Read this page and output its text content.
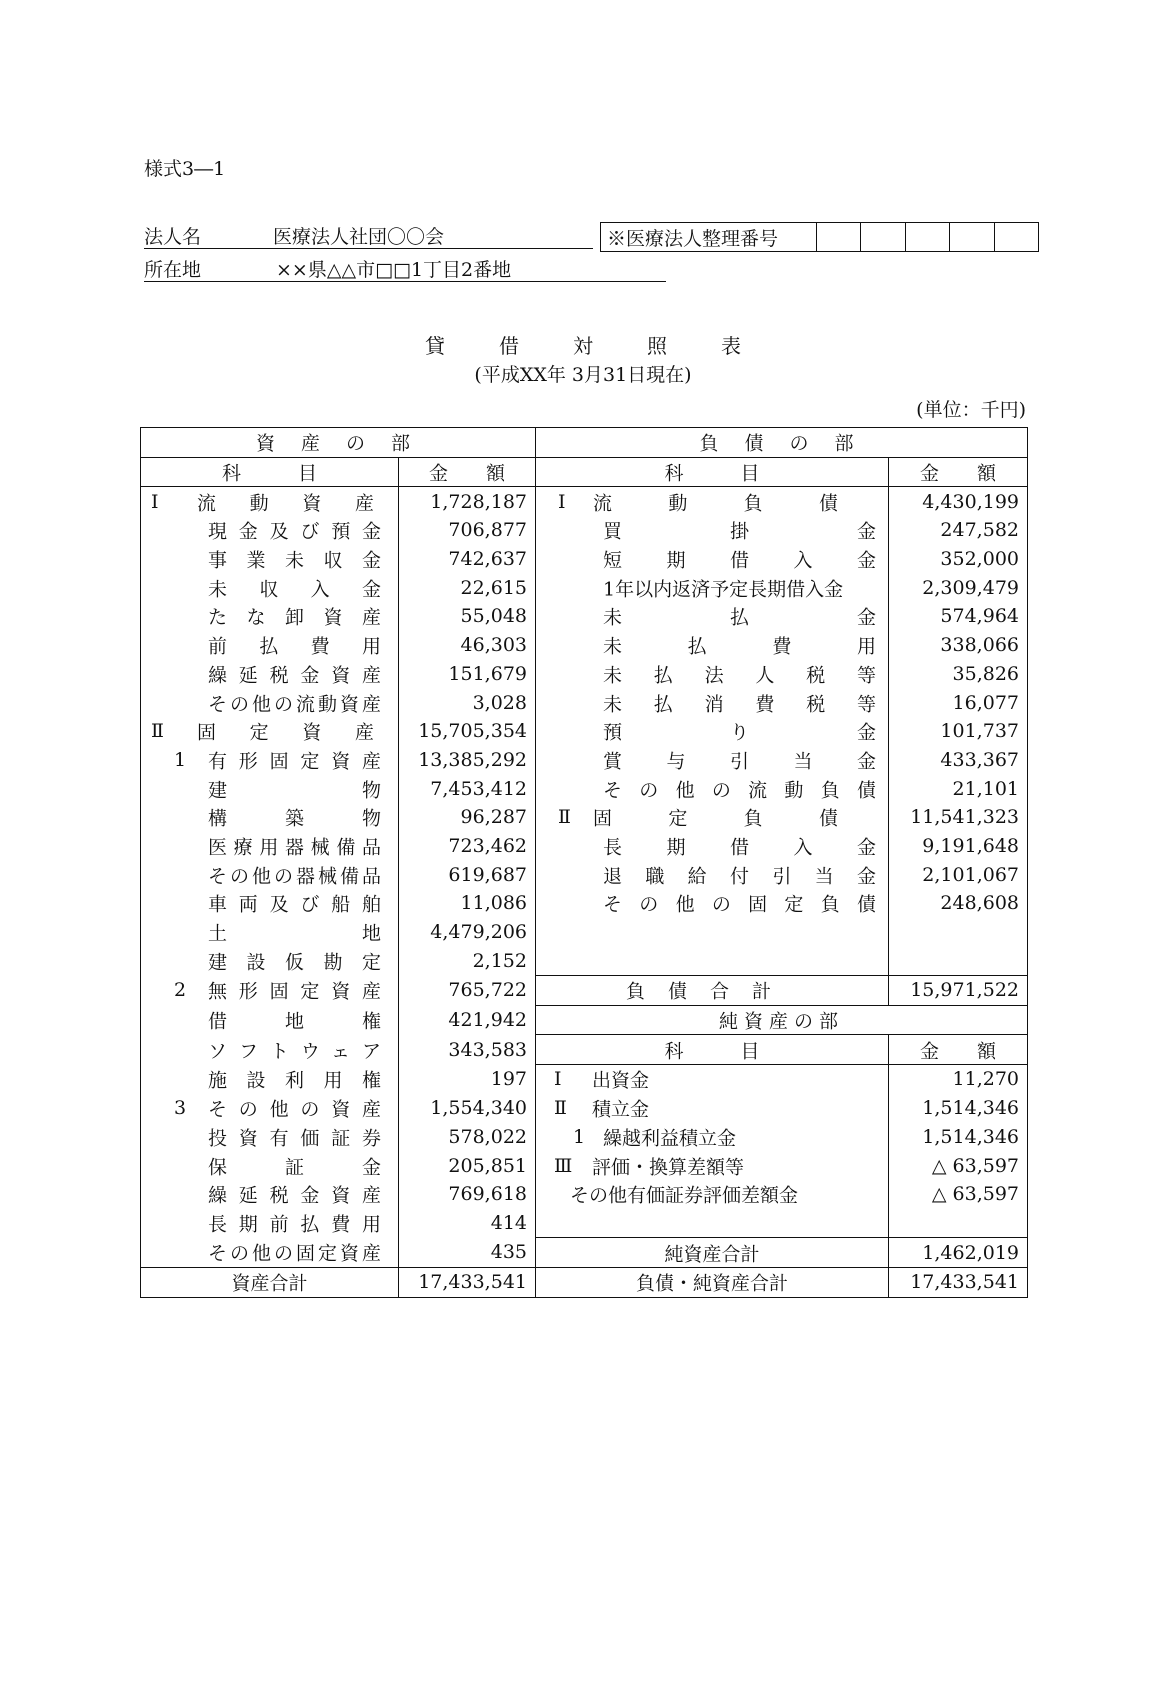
様式3―1
法人名	医療法人社団〇〇会	※医療法人整理番号
所在地	××県△△市□□1丁目2番地
貸	借	対	照	表
(平成XX年 3月31日現在)
(単位：千円)
資 産 の 部		負 債 の 部	

科　　　目	金　　額	科　　　目	金　　額

Ⅰ 流動資産	1,728,187	Ⅰ 流動負債	4,430,199

現金及び預金	706,877	買掛金	247,582

事業未収金	742,637	短期借入金	352,000

未収入金	22,615	1年以内返済予定長期借入金	2,309,479

たな卸資産	55,048	未払金	574,964

前払費用	46,303	未払費用	338,066

繰延税金資産	151,679	未払法人税等	35,826

その他の流動資産	3,028	未払消費税等	16,077

Ⅱ 固定資産	15,705,354	預り金	101,737

1 有形固定資産	13,385,292	賞与引当金	433,367

建物	7,453,412	その他の流動負債	21,101

構築物	96,287	Ⅱ 固定負債	11,541,323

医療用器械備品	723,462	長期借入金	9,191,648

その他の器械備品	619,687	退職給付引当金	2,101,067

車両及び船舶	11,086	その他の固定負債	248,608

土地	4,479,206		

建設仮勘定	2,152		

2 無形固定資産	765,722	負債合計	15,971,522

借地権	421,942	純資産の部	

ソフトウェア	343,583	科　　　目	金　　額

施設利用権	197	Ⅰ 出資金	11,270

3 その他の資産	1,554,340	Ⅱ 積立金	1,514,346

投資有価証券	578,022	1 繰越利益積立金	1,514,346

保証金	205,851	Ⅲ 評価・換算差額等	△ 63,597

繰延税金資産	769,618	その他有価証券評価差額金	△ 63,597

長期前払費用	414		

その他の固定資産	435	純資産合計	1,462,019

資産合計	17,433,541	負債・純資産合計	17,433,541
